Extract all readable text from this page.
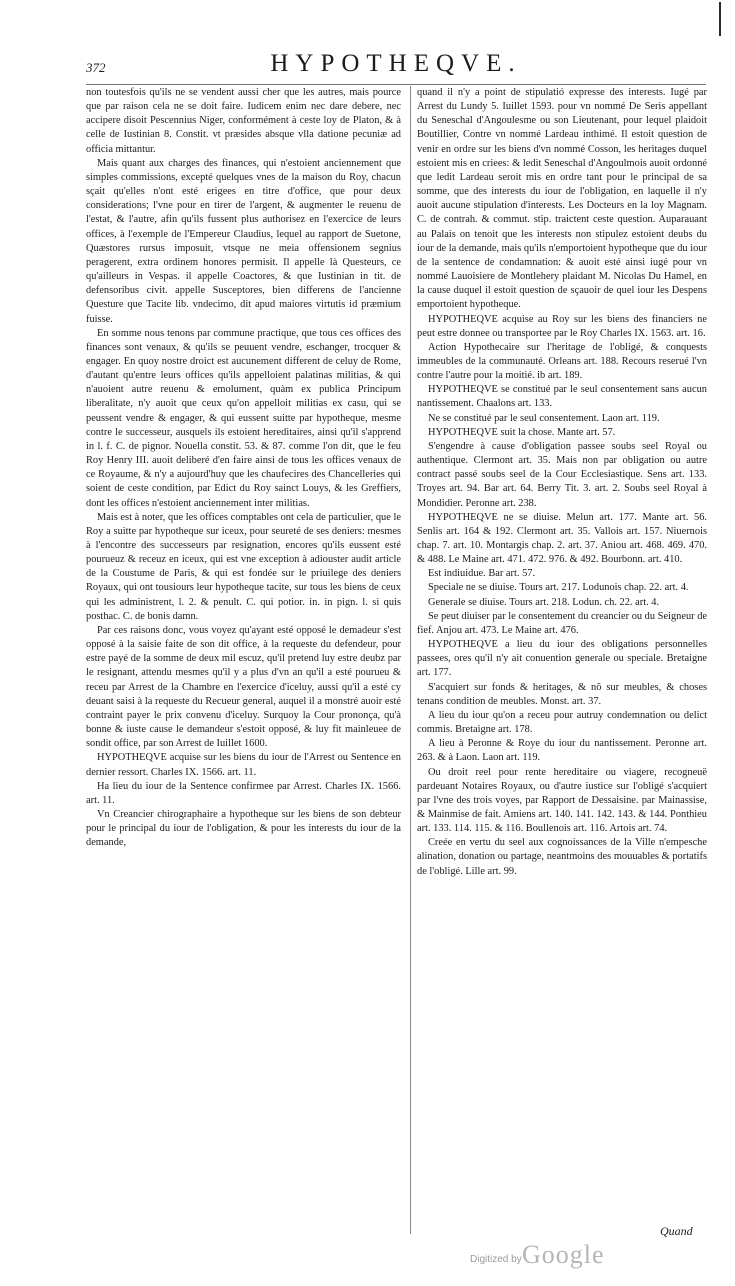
372	HYPOTHEQVE.

non toutesfois qu'ils ne se vendent aussi cher que les autres, mais pource que par raison cela ne se doit faire. Iudicem enim nec dare debere, nec accipere disoit Pescennius Niger, conformément à ceste loy de Platon, & à celle de Iustinian 8. Constit. vt præsides absque vlla datione pecuniæ ad officia mittantur.

Mais quant aux charges des finances, qui n'estoient anciennement que simples commissions, excepté quelques vnes de la maison du Roy, chacun sçait qu'elles n'ont esté erigees en titre d'office, que pour deux considerations; l'vne pour en tirer de l'argent, & augmenter le reuenu de l'estat, & l'autre, afin qu'ils fussent plus authorisez en l'exercice de leurs offices, à l'exemple de l'Empereur Claudius, lequel au rapport de Suetone, Quæstores rursus imposuit, vtsque ne meia offensionem segnius peragerent, extra ordinem honores permisit. Il appelle là Questeurs, ce qu'ailleurs in Vespas. il appelle Coactores, & que Iustinian in tit. de defensoribus civit. appelle Susceptores, bien differens de l'ancienne Questure que Tacite lib. vndecimo, dit apud maiores virtutis id præmium fuisse.

En somme nous tenons par commune practique, que tous ces offices des finances sont venaux, & qu'ils se peuuent vendre, eschanger, trocquer & engager. En quoy nostre droict est aucunement different de celuy de Rome, d'autant qu'entre leurs offices qu'ils appelloient palatinas militias, & qui n'auoient autre reuenu & emolument, quàm ex publica Principum liberalitate, n'y auoit que ceux qu'on appelloit militias ex casu, qui se peussent vendre & engager, & qui eussent suitte par hypotheque, mesme contre le successeur, ausquels ils estoient hereditaires, ainsi qu'il s'apprend in l. f. C. de pignor. Nouella constit. 53. & 87. comme l'on dit, que le feu Roy Henry III. auoit deliberé d'en faire ainsi de tous les offices venaux de ce Royaume, & n'y a aujourd'huy que les chaufecires des Chancelleries qui soient de ceste condition, par Edict du Roy sainct Louys, & les Greffiers, dont les offices n'estoient anciennement inter militias.

Mais est à noter, que les offices comptables ont cela de particulier, que le Roy a suitte par hypotheque sur iceux, pour seureté de ses deniers: mesmes à l'encontre des successeurs par resignation, encores qu'ils eussent esté pourueuz & receuz en iceux, qui est vne exception à adiouster audit article de la Coustume de Paris, & qui est fondée sur le priuilege des deniers Royaux, qui ont tousiours leur hypotheque tacite, sur tous les biens de ceux qui les administrent, l. 2. & penult. C. qui potior. in. in pign. l. si quis posthac. C. de bonis damn.

Par ces raisons donc, vous voyez qu'ayant esté opposé le demadeur s'est opposé à la saisie faite de son dit office, à la requeste du defendeur, pour estre payé de la somme de deux mil escuz, qu'il pretend luy estre deubz par le resignant, attendu mesmes qu'il y a plus d'vn an qu'il a esté pourueu & receu par Arrest de la Chambre en l'exercice d'iceluy, aussi qu'il a esté cy deuant saisi à la requeste du Recueur general, auquel il a monstré auoir esté contraint payer le prix convenu d'iceluy. Surquoy la Cour prononça, qu'à bonne & iuste cause le demandeur s'estoit opposé, & luy fit mainleuee de sondit office, par son Arrest de Iuillet 1600.

HYPOTHEQVE acquise sur les biens du iour de l'Arrest ou Sentence en dernier ressort. Charles IX. 1566. art. 11.

Ha lieu du iour de la Sentence confirmee par Arrest. Charles IX. 1566. art. 11.

Vn Creancier chirographaire a hypotheque sur les biens de son debteur pour le principal du iour de l'obligation, & pour les interests du iour de la demande,

quand il n'y a point de stipulatió expresse des interests. Iugé par Arrest du Lundy 5. Iuillet 1593. pour vn nommé De Seris appellant du Seneschal d'Angoulesme ou son Lieutenant, pour lequel plaidoit Boutillier, Contre vn nommé Lardeau inthimé. Il estoit question de venir en ordre sur les biens d'vn nommé Cosson, les heritages duquel estoient mis en criees: & ledit Seneschal d'Angoulmois auoit ordonné que ledit Lardeau seroit mis en ordre tant pour le principal de sa somme, que des interests du iour de l'obligation, en laquelle il n'y auoit aucune stipulation d'interests. Les Docteurs en la loy Magnam. C. de contrah. & commut. stip. traictent ceste question. Auparauant au Palais on tenoit que les interests non stipulez estoient deubs du iour de la demande, mais qu'ils n'emportoient hypotheque que du iour de la sentence de condamnation: & auoit esté ainsi iugé pour vn nommé Lauoisiere de Montlehery plaidant M. Nicolas Du Hamel, en la cause duquel il estoit question de sçauoir de quel iour les Despens emportoient hypotheque.

HYPOTHEQVE acquise au Roy sur les biens des financiers ne peut estre donnee ou transportee par le Roy Charles IX. 1563. art. 16.

Action Hypothecaire sur l'heritage de l'obligé, & conquests immeubles de la communauté. Orleans art. 188. Recours reserué l'vn contre l'autre pour la moitié. ib art. 189.

HYPOTHEQVE se constitué par le seul consentement sans aucun nantissement. Chaalons art. 133.

Ne se constitué par le seul consentement. Laon art. 119.

HYPOTHEQVE suit la chose. Mante art. 57.

S'engendre à cause d'obligation passee soubs seel Royal ou authentique. Clermont art. 35. Mais non par obligation ou autre contract passé soubs seel de la Cour Ecclesiastique. Sens art. 133. Troyes art. 94. Bar art. 64. Berry Tit. 3. art. 2. Soubs seel Royal à Mondidier. Peronne art. 238.

HYPOTHEQVE ne se diuise. Melun art. 177. Mante art. 56. Senlis art. 164 & 192. Clermont art. 35. Vallois art. 157. Niuernois chap. 7. art. 10. Montargis chap. 2. art. 37. Aniou art. 468. 469. 470. & 488. Le Maine art. 471. 472. 976. & 492. Bourbonn. art. 410.

Est indiuidue. Bar art. 57.

Speciale ne se diuise. Tours art. 217. Lodunois chap. 22. art. 4.

Generale se diuise. Tours art. 218. Lodun. ch. 22. art. 4.

Se peut diuiser par le consentement du creancier ou du Seigneur de fief. Anjou art. 473. Le Maine art. 476.

HYPOTHEQVE a lieu du iour des obligations personnelles passees, ores qu'il n'y ait conuention generale ou speciale. Bretaigne art. 177.

S'acquiert sur fonds & heritages, & nõ sur meubles, & choses tenans condition de meubles. Monst. art. 37.

A lieu du iour qu'on a receu pour autruy condemnation ou delict commis. Bretaigne art. 178.

A lieu à Peronne & Roye du iour du nantissement. Peronne art. 263. & à Laon. Laon art. 119.

Ou droit reel pour rente hereditaire ou viagere, recogneuë pardeuant Notaires Royaux, ou d'autre iustice sur l'obligé s'acquiert par l'vne des trois voyes, par Rapport de Dessaisine. par Mainassise, & Mainmise de fait. Amiens art. 140. 141. 142. 143. & 144. Ponthieu art. 133. 114. 115. & 116. Boullenois art. 116. Artois art. 74.

Creée en vertu du seel aux cognoissances de la Ville n'empesche alination, donation ou partage, neantmoins des mouuables & portatifs de l'obligé. Lille art. 99.

Quand
Digitized by Google
